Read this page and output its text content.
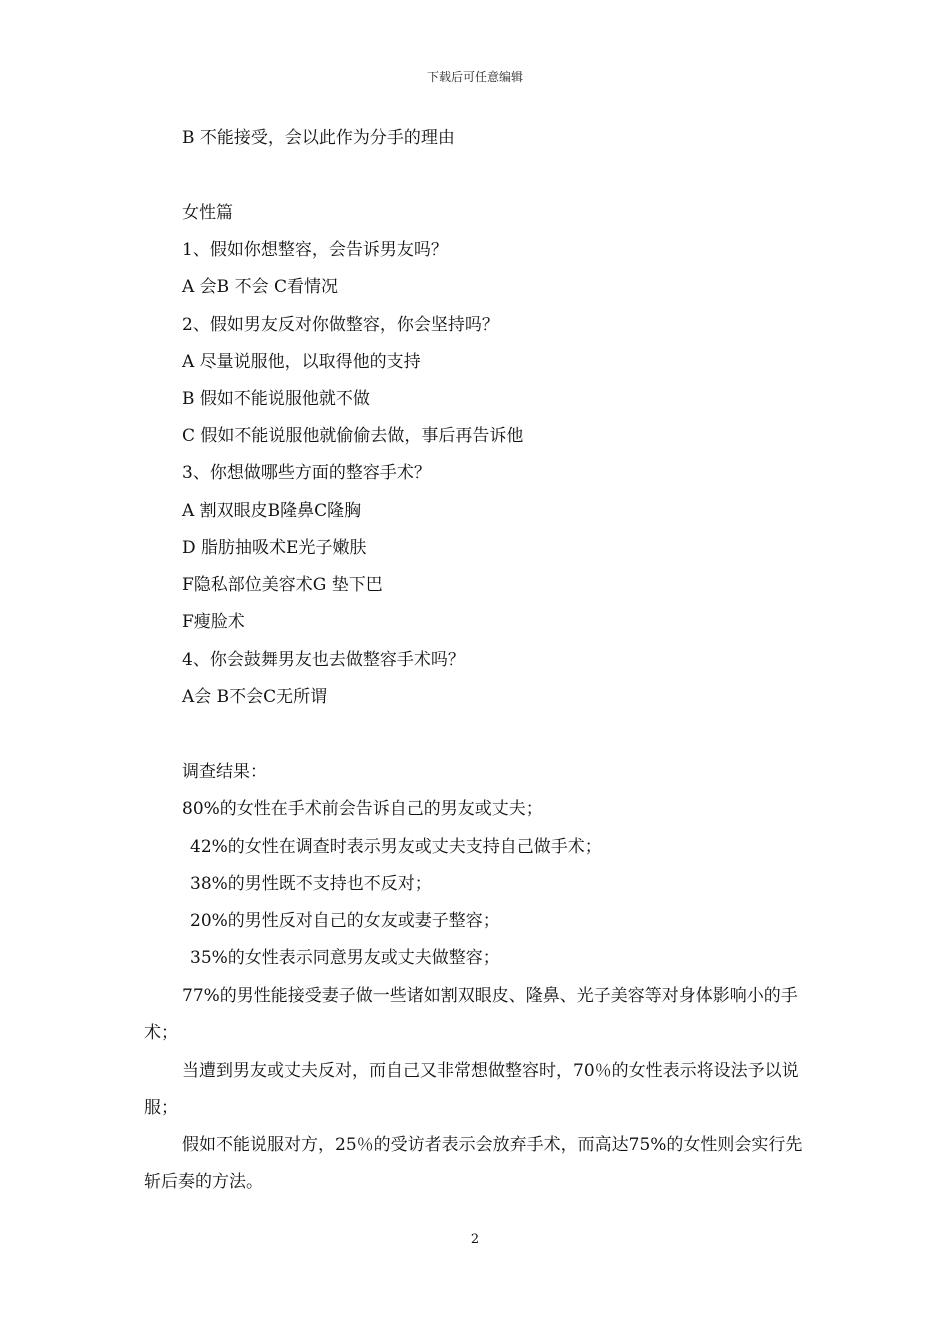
下载后可任意编辑
B 不能接受，会以此作为分手的理由
女性篇
1、假如你想整容，会告诉男友吗？
A 会B 不会 C看情况
2、假如男友反对你做整容，你会坚持吗？
A 尽量说服他，以取得他的支持
B 假如不能说服他就不做
C 假如不能说服他就偷偷去做，事后再告诉他
3、你想做哪些方面的整容手术？
A 割双眼皮B隆鼻C隆胸
D 脂肪抽吸术E光子嫩肤
F隐私部位美容术G 垫下巴
F瘦脸术
4、你会鼓舞男友也去做整容手术吗？
A会 B不会C无所谓
调查结果：
80%的女性在手术前会告诉自己的男友或丈夫；
42%的女性在调查时表示男友或丈夫支持自己做手术；
38%的男性既不支持也不反对；
20%的男性反对自己的女友或妻子整容；
35%的女性表示同意男友或丈夫做整容；
77%的男性能接受妻子做一些诸如割双眼皮、隆鼻、光子美容等对身体影响小的手术；
当遭到男友或丈夫反对，而自己又非常想做整容时，70％的女性表示将设法予以说服；
假如不能说服对方，25％的受访者表示会放弃手术，而高达75%的女性则会实行先斩后奏的方法。
2
